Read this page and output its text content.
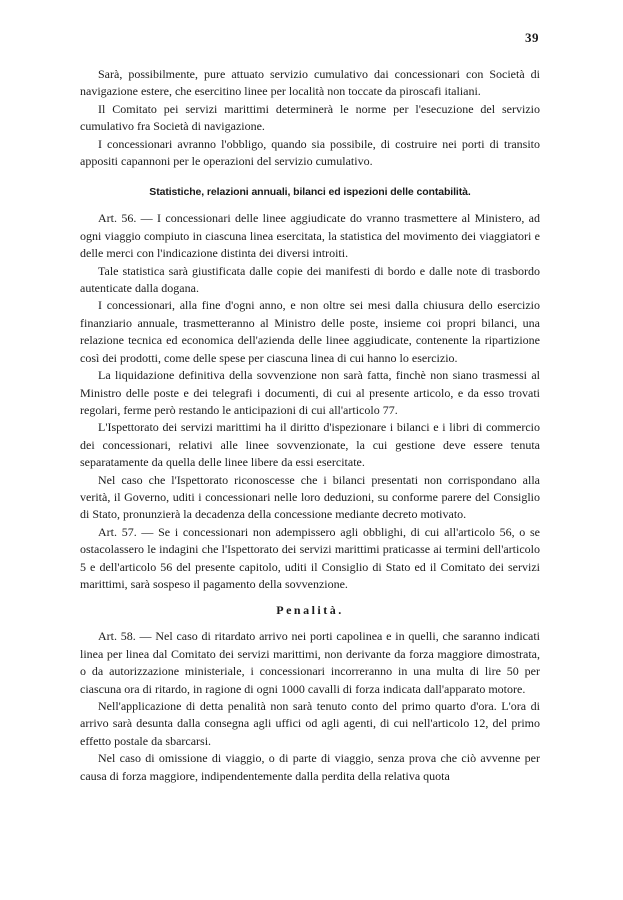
39

Sarà, possibilmente, pure attuato servizio cumulativo dai concessionari con Società di navigazione estere, che esercitino linee per località non toccate da piroscafi italiani.

Il Comitato pei servizi marittimi determinerà le norme per l'esecuzione del servizio cumulativo fra Società di navigazione.

I concessionari avranno l'obbligo, quando sia possibile, di costruire nei porti di transito appositi capannoni per le operazioni del servizio cumulativo.

Statistiche, relazioni annuali, bilanci ed ispezioni delle contabilità.

Art. 56. — I concessionari delle linee aggiudicate do vranno trasmettere al Ministero, ad ogni viaggio compiuto in ciascuna linea esercitata, la statistica del movimento dei viaggiatori e delle merci con l'indicazione distinta dei diversi introiti.

Tale statistica sarà giustificata dalle copie dei manifesti di bordo e dalle note di trasbordo autenticate dalla dogana.

I concessionari, alla fine d'ogni anno, e non oltre sei mesi dalla chiusura dello esercizio finanziario annuale, trasmetteranno al Ministro delle poste, insieme coi propri bilanci, una relazione tecnica ed economica dell'azienda delle linee aggiudicate, contenente la ripartizione così dei prodotti, come delle spese per ciascuna linea di cui hanno lo esercizio.

La liquidazione definitiva della sovvenzione non sarà fatta, finchè non siano trasmessi al Ministro delle poste e dei telegrafi i documenti, di cui al presente articolo, e da esso trovati regolari, ferme però restando le anticipazioni di cui all'articolo 77.

L'Ispettorato dei servizi marittimi ha il diritto d'ispezionare i bilanci e i libri di commercio dei concessionari, relativi alle linee sovvenzionate, la cui gestione deve essere tenuta separatamente da quella delle linee libere da essi esercitate.

Nel caso che l'Ispettorato riconoscesse che i bilanci presentati non corrispondano alla verità, il Governo, uditi i concessionari nelle loro deduzioni, su conforme parere del Consiglio di Stato, pronunzierà la decadenza della concessione mediante decreto motivato.

Art. 57. — Se i concessionari non adempissero agli obblighi, di cui all'articolo 56, o se ostacolassero le indagini che l'Ispettorato dei servizi marittimi praticasse ai termini dell'articolo 5 e dell'articolo 56 del presente capitolo, uditi il Consiglio di Stato ed il Comitato dei servizi marittimi, sarà sospeso il pagamento della sovvenzione.

Penalità.

Art. 58. — Nel caso di ritardato arrivo nei porti capolinea e in quelli, che saranno indicati linea per linea dal Comitato dei servizi marittimi, non derivante da forza maggiore dimostrata, o da autorizzazione ministeriale, i concessionari incorreranno in una multa di lire 50 per ciascuna ora di ritardo, in ragione di ogni 1000 cavalli di forza indicata dall'apparato motore.

Nell'applicazione di detta penalità non sarà tenuto conto del primo quarto d'ora. L'ora di arrivo sarà desunta dalla consegna agli uffici od agli agenti, di cui nell'articolo 12, del primo effetto postale da sbarcarsi.

Nel caso di omissione di viaggio, o di parte di viaggio, senza prova che ciò avvenne per causa di forza maggiore, indipendentemente dalla perdita della relativa quota
